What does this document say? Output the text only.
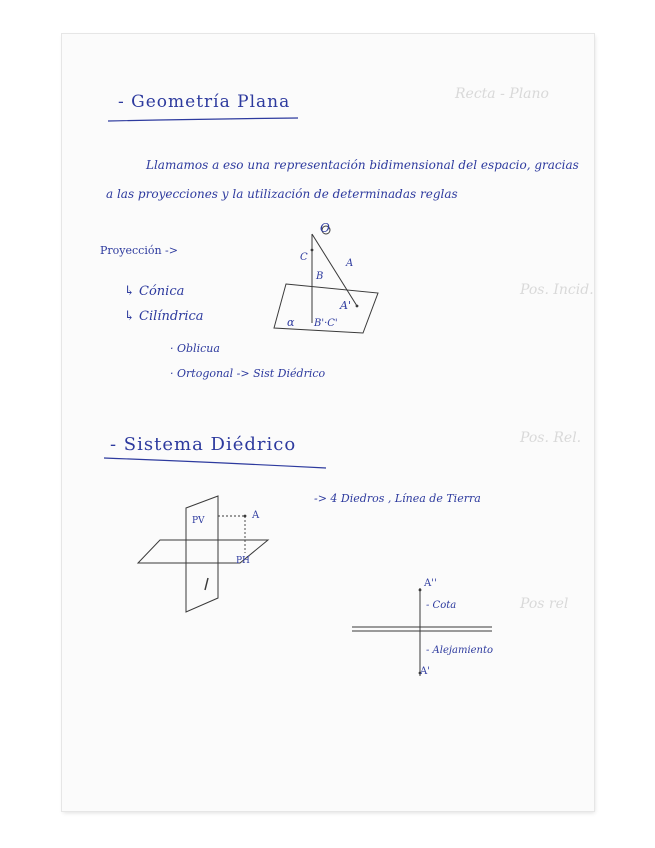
Recta - Plano
Pos. Incid.
Pos. Rel.
Pos rel
- Geometría Plana
Llamamos a eso una representación bidimensional del espacio, gracias
a las proyecciones y la utilización de determinadas reglas
Proyección ->
↳ Cónica
↳ Cilíndrica
· Oblicua
· Ortogonal -> Sist Diédrico
O
C
B
A
A'
α B'·C'
- Sistema Diédrico
-> 4 Diedros , Línea de Tierra
PV
PH
A
A''
- Cota
- Alejamiento
A'
